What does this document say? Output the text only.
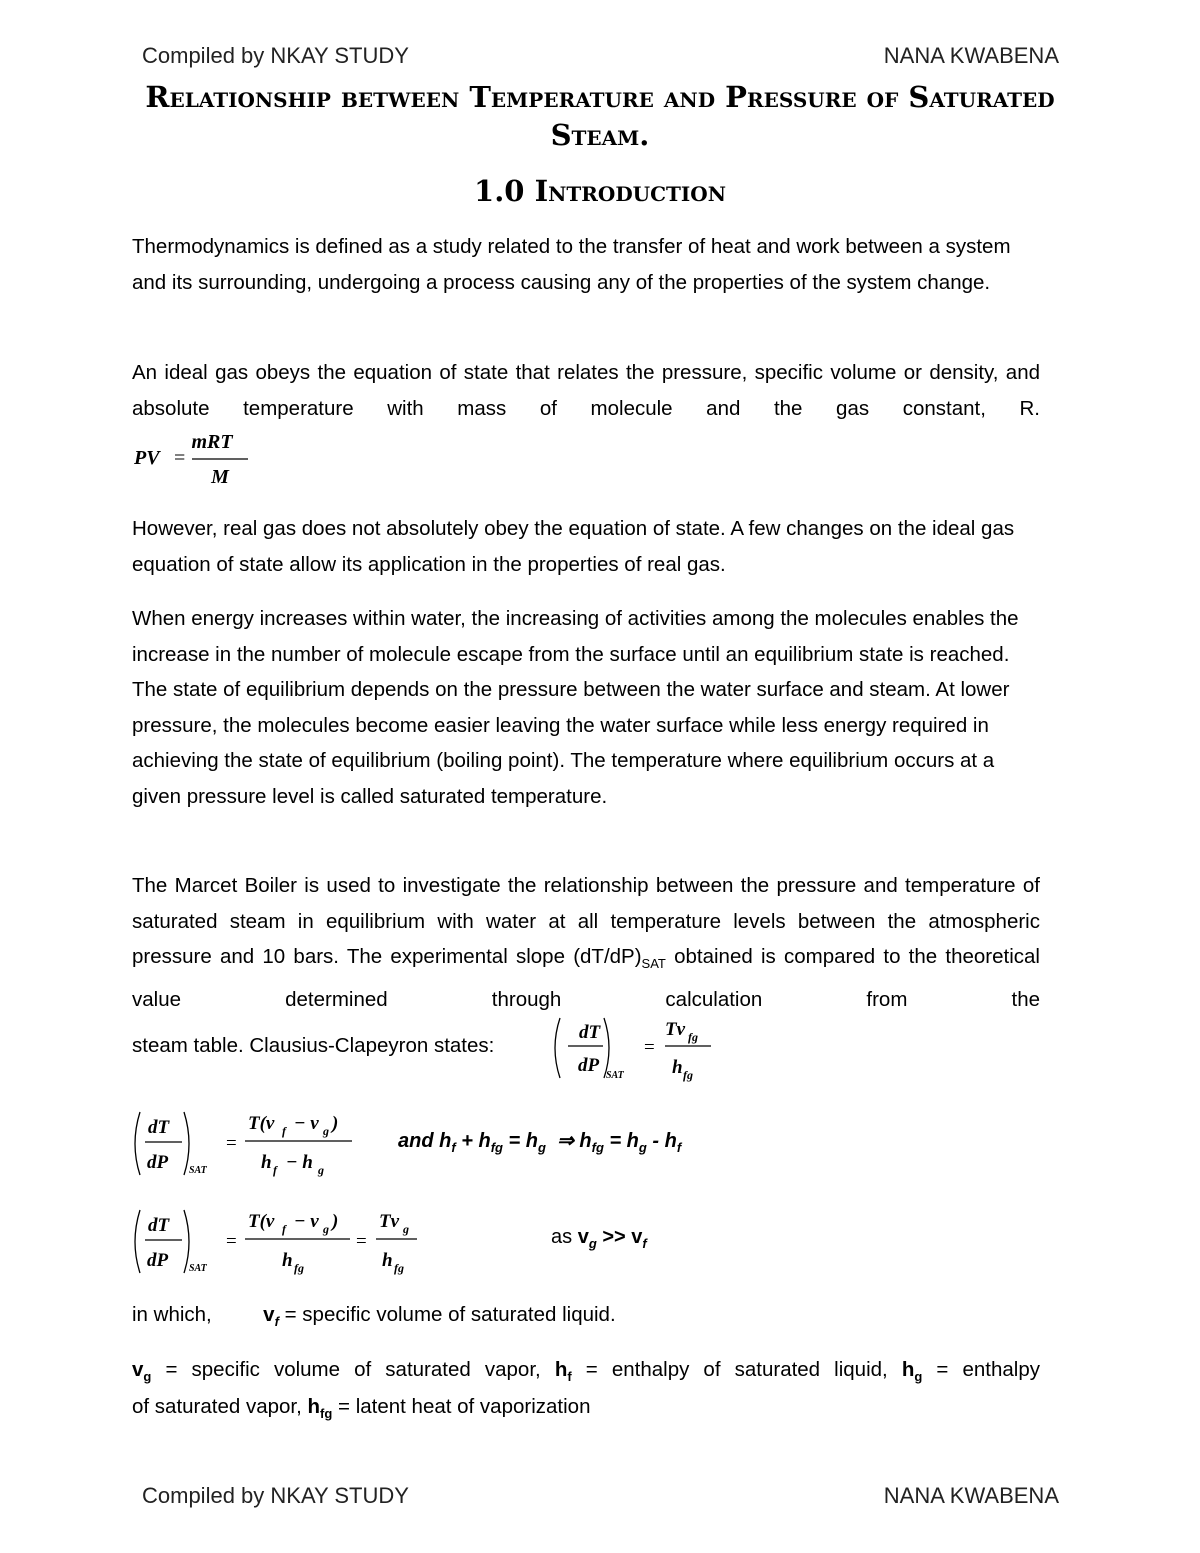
Compiled by NKAY STUDY	NANA KWABENA
Relationship between Temperature and Pressure of Saturated Steam.
1.0 Introduction

Thermodynamics is defined as a study related to the transfer of heat and work between a system and its surrounding, undergoing a process causing any of the properties of the system change.

An ideal gas obeys the equation of state that relates the pressure, specific volume or density, and absolute temperature with mass of molecule and the gas constant, R.

PV =
mRT
M

However, real gas does not absolutely obey the equation of state. A few changes on the ideal gas equation of state allow its application in the properties of real gas.

When energy increases within water, the increasing of activities among the molecules enables the increase in the number of molecule escape from the surface until an equilibrium state is reached. The state of equilibrium depends on the pressure between the water surface and steam. At lower pressure, the molecules become easier leaving the water surface while less energy required in achieving the state of equilibrium (boiling point). The temperature where equilibrium occurs at a given pressure level is called saturated temperature.

The Marcet Boiler is used to investigate the relationship between the pressure and temperature of saturated steam in equilibrium with water at all temperature levels between the atmospheric pressure and 10 bars. The experimental slope $(dT/dP)_{SAT}$ obtained is compared to the theoretical value determined through calculation from the

steam table. Clausius-Clapeyron states:
dT
dP SAT
=
Tv fg
h fg
dT
dP SAT
=
T(v f − v g )
h f − h g
and $h_f + h_{fg} = h_g$  ⇒ $h_{fg} = h_g - h_f$
dT
dP SAT
=
T(v f − v g )
h fg
=
Tv g
h fg
as $v_g >> v_f$
in which,	$v_f$ = specific volume of saturated liquid.
$v_g$ = specific volume of saturated vapor, $h_f$ = enthalpy of saturated liquid, $h_g$ = enthalpy
of saturated vapor, $h_{fg}$ = latent heat of vaporization
Compiled by NKAY STUDY	NANA KWABENA
